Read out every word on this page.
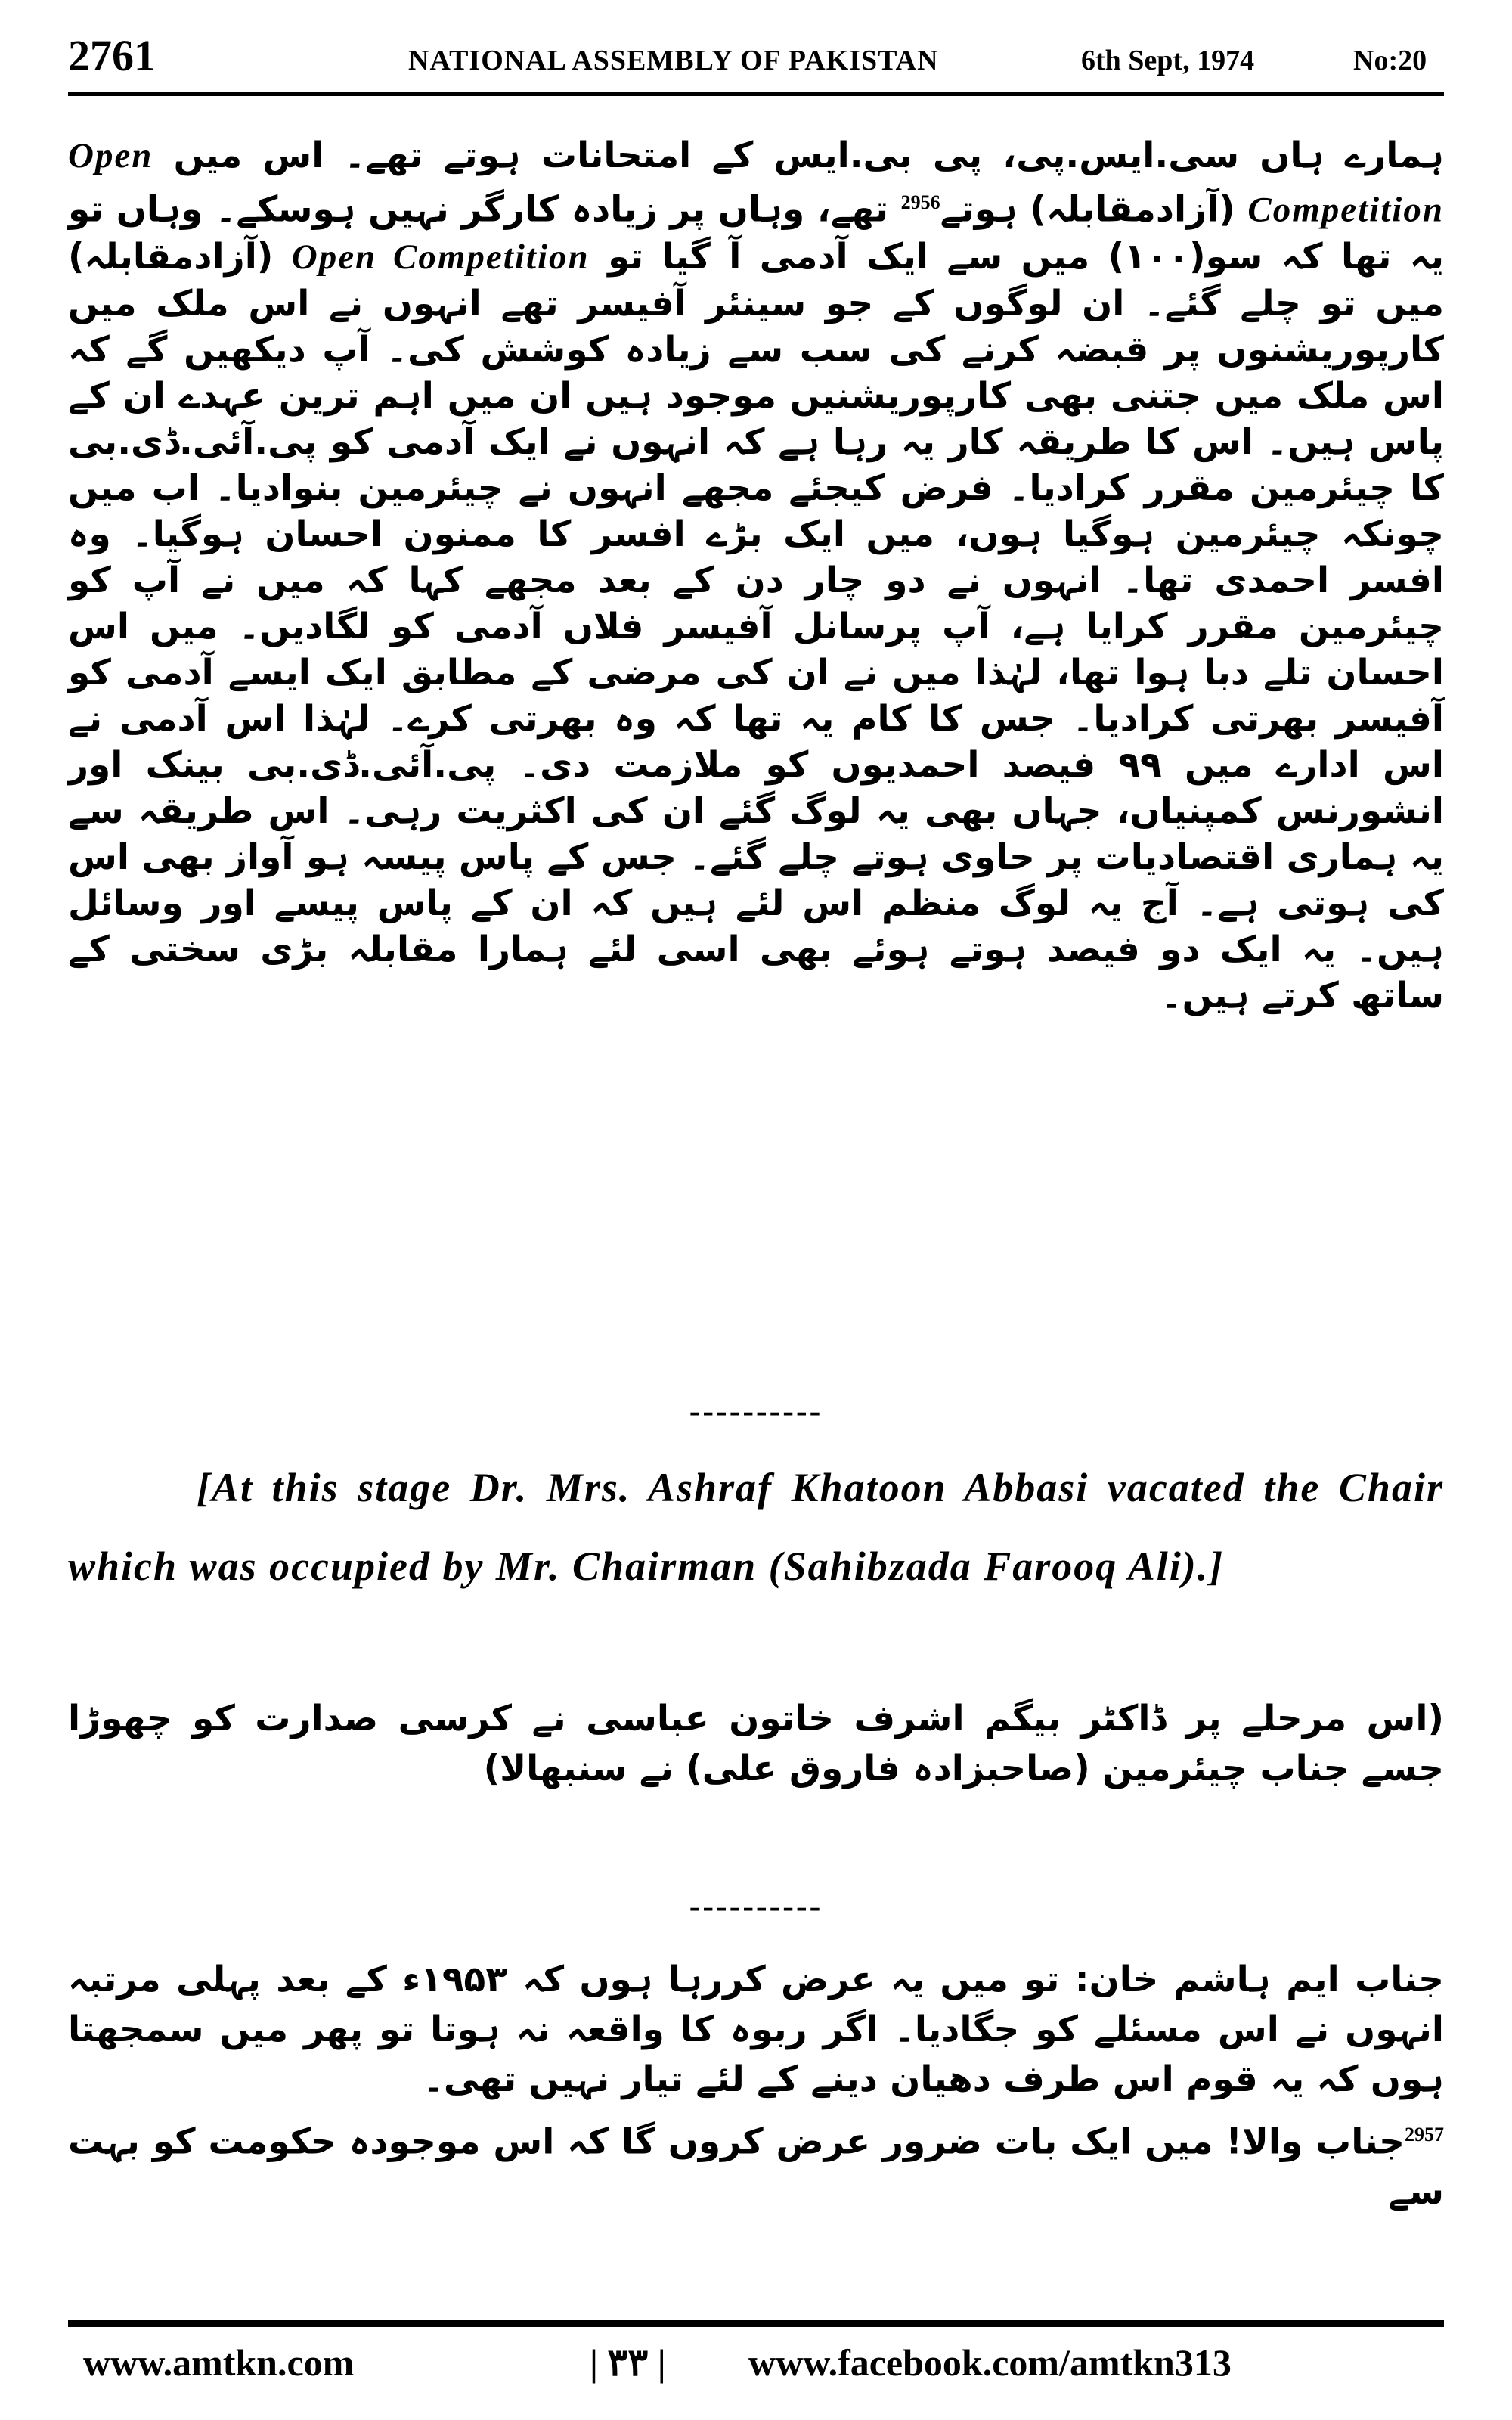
2761	NATIONAL ASSEMBLY OF PAKISTAN	6th Sept, 1974	No:20
ہمارے ہاں سی.ایس.پی، پی بی.ایس کے امتحانات ہوتے تھے۔ اس میں Open Competition (آزادمقابلہ) ہوتے$^{2956}$ تھے، وہاں پر زیادہ کارگر نہیں ہوسکے۔ وہاں تو یہ تھا کہ سو(۱۰۰) میں سے ایک آدمی آ گیا تو Open Competition (آزادمقابلہ) میں تو چلے گئے۔ ان لوگوں کے جو سینئر آفیسر تھے انہوں نے اس ملک میں کارپوریشنوں پر قبضہ کرنے کی سب سے زیادہ کوشش کی۔ آپ دیکھیں گے کہ اس ملک میں جتنی بھی کارپوریشنیں موجود ہیں ان میں اہم ترین عہدے ان کے پاس ہیں۔ اس کا طریقہ کار یہ رہا ہے کہ انہوں نے ایک آدمی کو پی.آئی.ڈی.بی کا چیئرمین مقرر کرادیا۔ فرض کیجئے مجھے انہوں نے چیئرمین بنوادیا۔ اب میں چونکہ چیئرمین ہوگیا ہوں، میں ایک بڑے افسر کا ممنون احسان ہوگیا۔ وہ افسر احمدی تھا۔ انہوں نے دو چار دن کے بعد مجھے کہا کہ میں نے آپ کو چیئرمین مقرر کرایا ہے، آپ پرسانل آفیسر فلاں آدمی کو لگادیں۔ میں اس احسان تلے دبا ہوا تھا، لہٰذا میں نے ان کی مرضی کے مطابق ایک ایسے آدمی کو آفیسر بھرتی کرادیا۔ جس کا کام یہ تھا کہ وہ بھرتی کرے۔ لہٰذا اس آدمی نے اس ادارے میں ۹۹ فیصد احمدیوں کو ملازمت دی۔ پی.آئی.ڈی.بی بینک اور انشورنس کمپنیاں، جہاں بھی یہ لوگ گئے ان کی اکثریت رہی۔ اس طریقہ سے یہ ہماری اقتصادیات پر حاوی ہوتے چلے گئے۔ جس کے پاس پیسہ ہو آواز بھی اس کی ہوتی ہے۔ آج یہ لوگ منظم اس لئے ہیں کہ ان کے پاس پیسے اور وسائل ہیں۔ یہ ایک دو فیصد ہوتے ہوئے بھی اسی لئے ہمارا مقابلہ بڑی سختی کے ساتھ کرتے ہیں۔
----------
[At this stage Dr. Mrs. Ashraf Khatoon Abbasi vacated the Chair which was occupied by Mr. Chairman (Sahibzada Farooq Ali).]
(اس مرحلے پر ڈاکٹر بیگم اشرف خاتون عباسی نے کرسی صدارت کو چھوڑا جسے جناب چیئرمین (صاحبزادہ فاروق علی) نے سنبھالا)
----------
جناب ایم ہاشم خان: تو میں یہ عرض کررہا ہوں کہ ۱۹۵۳ء کے بعد پہلی مرتبہ انہوں نے اس مسئلے کو جگادیا۔ اگر ربوہ کا واقعہ نہ ہوتا تو پھر میں سمجھتا ہوں کہ یہ قوم اس طرف دھیان دینے کے لئے تیار نہیں تھی۔
$^{2957}$جناب والا! میں ایک بات ضرور عرض کروں گا کہ اس موجودہ حکومت کو بہت سے
www.amtkn.com	| ۳۳ | www.facebook.com/amtkn313
